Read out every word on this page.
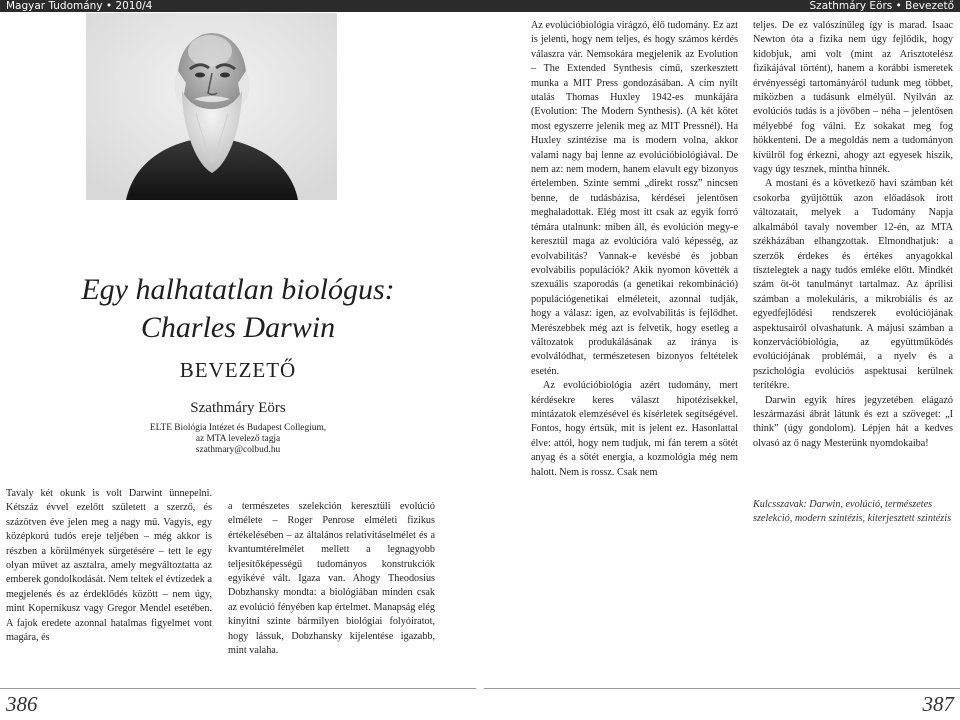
Magyar Tudomány • 2010/4	Szathmáry Eörs • Bevezető
Egy halhatatlan biológus:
Charles Darwin
BEVEZETŐ
Szathmáry Eörs
ELTE Biológia Intézet és Budapest Collegium,
az MTA levelező tagja
szathmary@colbud.hu

Tavaly két okunk is volt Darwint ünnepelni. Kétszáz évvel ezelőtt született a szerző, és százötven éve jelen meg a nagy mű. Vagyis, egy középkorú tudós ereje teljében – még akkor is részben a körülmények sürgetésére – tett le egy olyan művet az asztalra, amely megváltoztatta az emberek gondolkodását. Nem teltek el évtizedek a megjelenés és az érdeklődés között – nem úgy, mint Kopernikusz vagy Gregor Mendel esetében. A fajok eredete azonnal hatalmas figyelmet vont magára, és

a természetes szelekción keresztüli evolúció elmélete – Roger Penrose elméleti fizikus értékelésében – az általános relativitáselmélet és a kvantumtérelmélet mellett a legnagyobb teljesítőképességű tudományos konstrukciók egyikévé vált. Igaza van. Ahogy Theodosius Dobzhansky mondta: a biológiában minden csak az evolúció fényében kap értelmet. Manapság elég kinyitni szinte bármilyen biológiai folyóiratot, hogy lássuk, Dobzhansky kijelentése igazabb, mint valaha.

Az evolúcióbiológia virágzó, élő tudomány. Ez azt is jelenti, hogy nem teljes, és hogy számos kérdés válaszra vár. Nemsokára megjelenik az Evolution – The Extended Synthesis című, szerkesztett munka a MIT Press gondozásában. A cím nyílt utalás Thomas Huxley 1942-es munkájára (Evolution: The Modern Synthesis). (A két kötet most egyszerre jelenik meg az MIT Pressnél). Ha Huxley szintézise ma is modern volna, akkor valami nagy baj lenne az evolúcióbiológiával. De nem az: nem modern, hanem elavult egy bizonyos értelemben. Szinte semmi „direkt rossz” nincsen benne, de tudásbázisa, kérdései jelentősen meghaladottak. Elég most itt csak az egyik forró témára utalnunk: miben áll, és evolúción megy-e keresztül maga az evolúcióra való képesség, az evolvabilitás? Vannak-e kevésbé és jobban evolvábilis populációk? Akik nyomon követték a szexuális szaporodás (a genetikai rekombináció) populációgenetikai elméleteit, azonnal tudják, hogy a válasz: igen, az evolvabilitás is fejlődhet. Merészebbek még azt is felvetik, hogy esetleg a változatok produkálásának az iránya is evolválódhat, természetesen bizonyos feltételek esetén.

Az evolúcióbiológia azért tudomány, mert kérdésekre keres választ hipotézisekkel, mintázatok elemzésével és kísérletek segítségével. Fontos, hogy értsük, mit is jelent ez. Hasonlattal élve: attól, hogy nem tudjuk, mi fán terem a sötét anyag és a sötét energia, a kozmológia még nem halott. Nem is rossz. Csak nem

teljes. De ez valószínűleg így is marad. Isaac Newton óta a fizika nem úgy fejlődik, hogy kidobjuk, ami volt (mint az Arisztotelész fizikájával történt), hanem a korábbi ismeretek érvényességi tartományáról tudunk meg többet, miközben a tudásunk elmélyül. Nyilván az evolúciós tudás is a jövőben – néha – jelentősen mélyebbé fog válni. Ez sokakat meg fog hökkenteni. De a megoldás nem a tudományon kívülről fog érkezni, ahogy azt egyesek hiszik, vagy úgy tesznek, mintha hinnék.

A mostani és a következő havi számban két csokorba gyűjtöttük azon előadások írott változatait, melyek a Tudomány Napja alkalmából tavaly november 12-én, az MTA székházában elhangzottak. Elmondhatjuk: a szerzők érdekes és értékes anyagokkal tisztelegtek a nagy tudós emléke előtt. Mindkét szám öt-öt tanulmányt tartalmaz. Az áprilisi számban a molekuláris, a mikrobiális és az egyedfejlődési rendszerek evolúciójának aspektusairól olvashatunk. A májusi számban a konzervációbiológia, az együttműködés evolúciójának problémái, a nyelv és a pszichológia evolúciós aspektusai kerülnek terítékre.

Darwin egyik híres jegyzetében elágazó leszármazási ábrát látunk és ezt a szöveget: „I think” (úgy gondolom). Lépjen hát a kedves olvasó az ő nagy Mesterünk nyomdokaiba!

Kulcsszavak: Darwin, evolúció, természetes szelekció, modern szintézis, kiterjesztett szintézis
386	387
